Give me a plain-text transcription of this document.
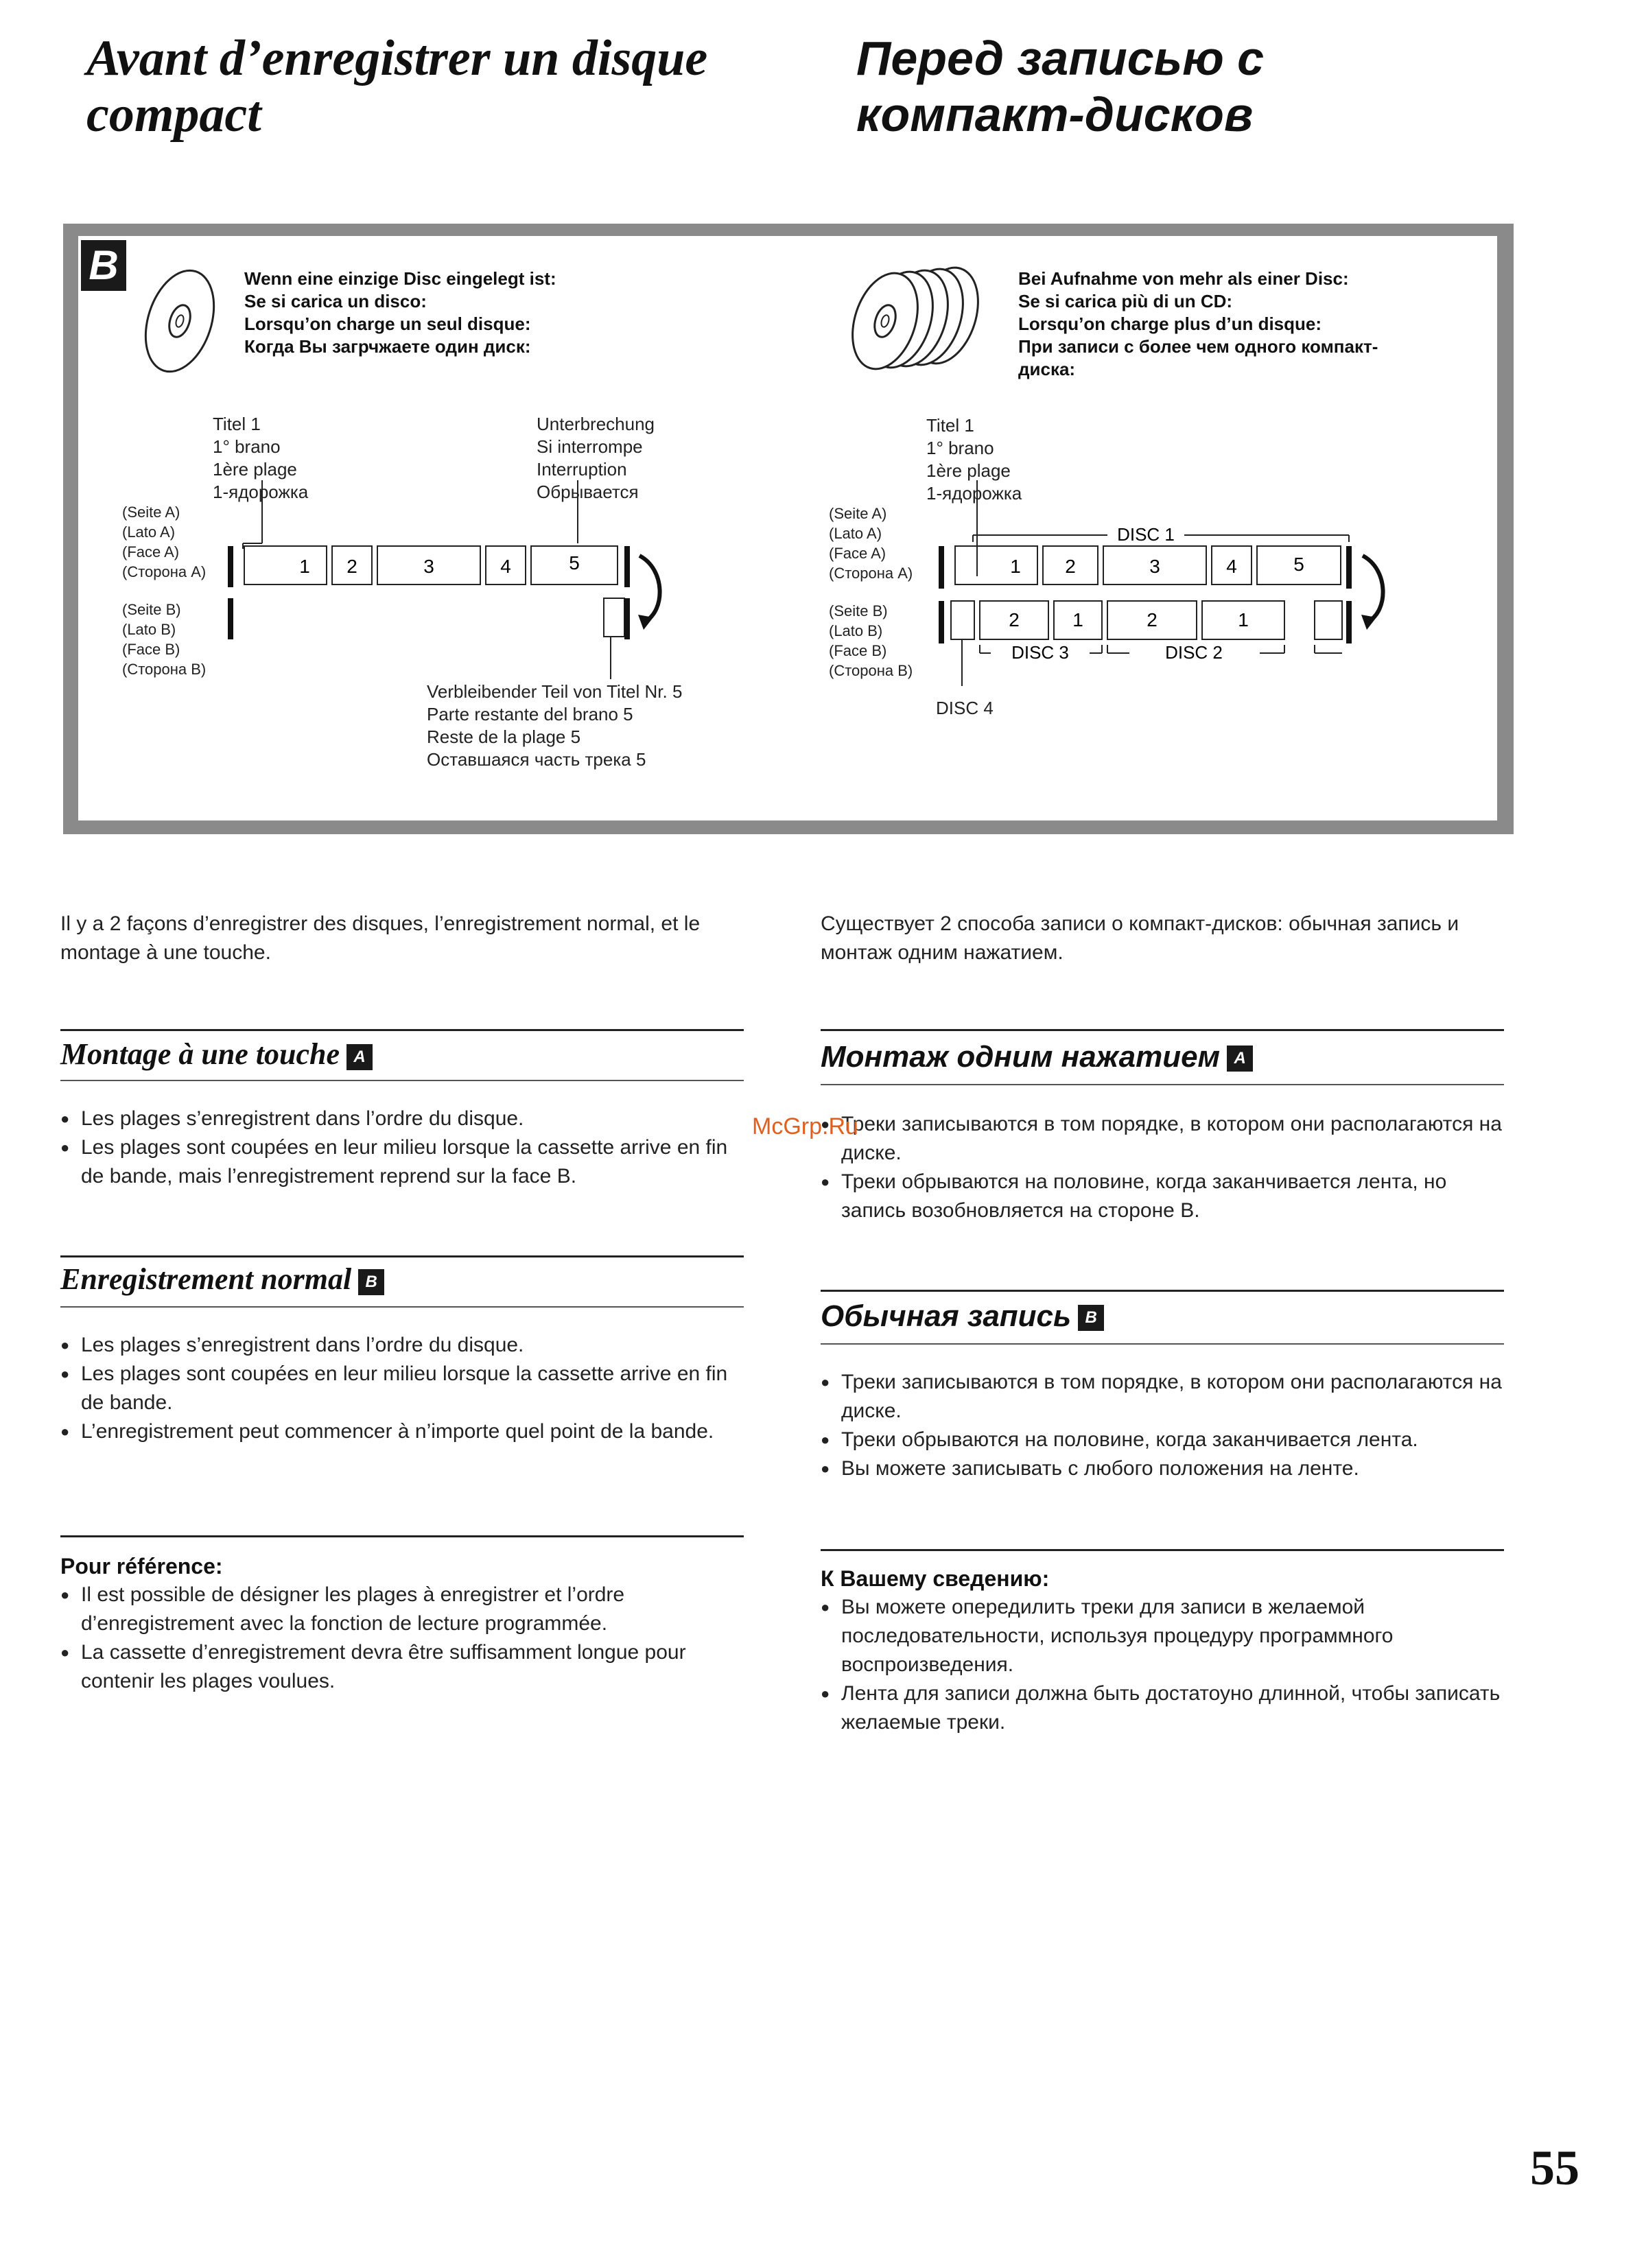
Avant d’enregistrer un disque
compact
Перед записью с
компакт-дисков
B	Wenn eine einzige Disc eingelegt ist:
Se si carica un disco:
Lorsqu’on charge un seul disque:
Когда Вы загрчжаете один диск:
Titel 1
1° brano
1ère plage
1-ядорожка
Unterbrechung
Si interrompe
Interruption
Обрывается
(Seite A)
(Lato A)
(Face A)
(Сторона A)
(Seite B)
(Lato B)
(Face B)
(Сторона B)
Verbleibender Teil von Titel Nr. 5
Parte restante del brano 5
Reste de la plage 5
Оставшаяся часть трека 5
1 2	3	4	5
Bei Aufnahme von mehr als einer Disc:
Se si carica più di un CD:
Lorsqu’on charge plus d’un disque:
При записи с более чем одного компакт-
диска:
Titel 1
1° brano
1ère plage
1-ядорожка
(Seite A)
(Lato A)
(Face A)
(Сторона A)
(Seite B)
(Lato B)
(Face B)
(Сторона B)
DISC 4
DISC 1
1 2	3	4	5
2	1	2	1
DISC 3	DISC 2
Il y a 2 façons d’enregistrer des disques, l’enregistrement normal, et le montage à une touche.
Существует 2 способа записи о компакт-дисков: обычная запись и монтаж одним нажатием.
Montage à une touche A
● Les plages s’enregistrent dans l’ordre du disque.
● Les plages sont coupées en leur milieu lorsque la cassette arrive en fin de bande, mais l’enregistrement reprend sur la face B.
Монтаж одним нажатием A
● Треки записываются в том порядке, в котором они располагаются на диске.
● Треки обрываются на половине, когда заканчивается лента, но запись возобновляется на стороне B.
Enregistrement normal B
● Les plages s’enregistrent dans l’ordre du disque.
● Les plages sont coupées en leur milieu lorsque la cassette arrive en fin de bande.
● L’enregistrement peut commencer à n’importe quel point de la bande.
Обычная запись B
● Треки записываются в том порядке, в котором они располагаются на диске.
● Треки обрываются на половине, когда заканчивается лента.
● Вы можете записывать с любого положения на ленте.
Pour référence:
● Il est possible de désigner les plages à enregistrer et l’ordre d’enregistrement avec la fonction de lecture programmée.
● La cassette d’enregistrement devra être suffisamment longue pour contenir les plages voulues.
К Вашему сведению:
● Вы можете опередилить треки для записи в желаемой последовательности, используя процедуру программного воспроизведения.
● Лента для записи должна быть достатоуно длинной, чтобы записать желаемые треки.
McGrp.Ru
55
